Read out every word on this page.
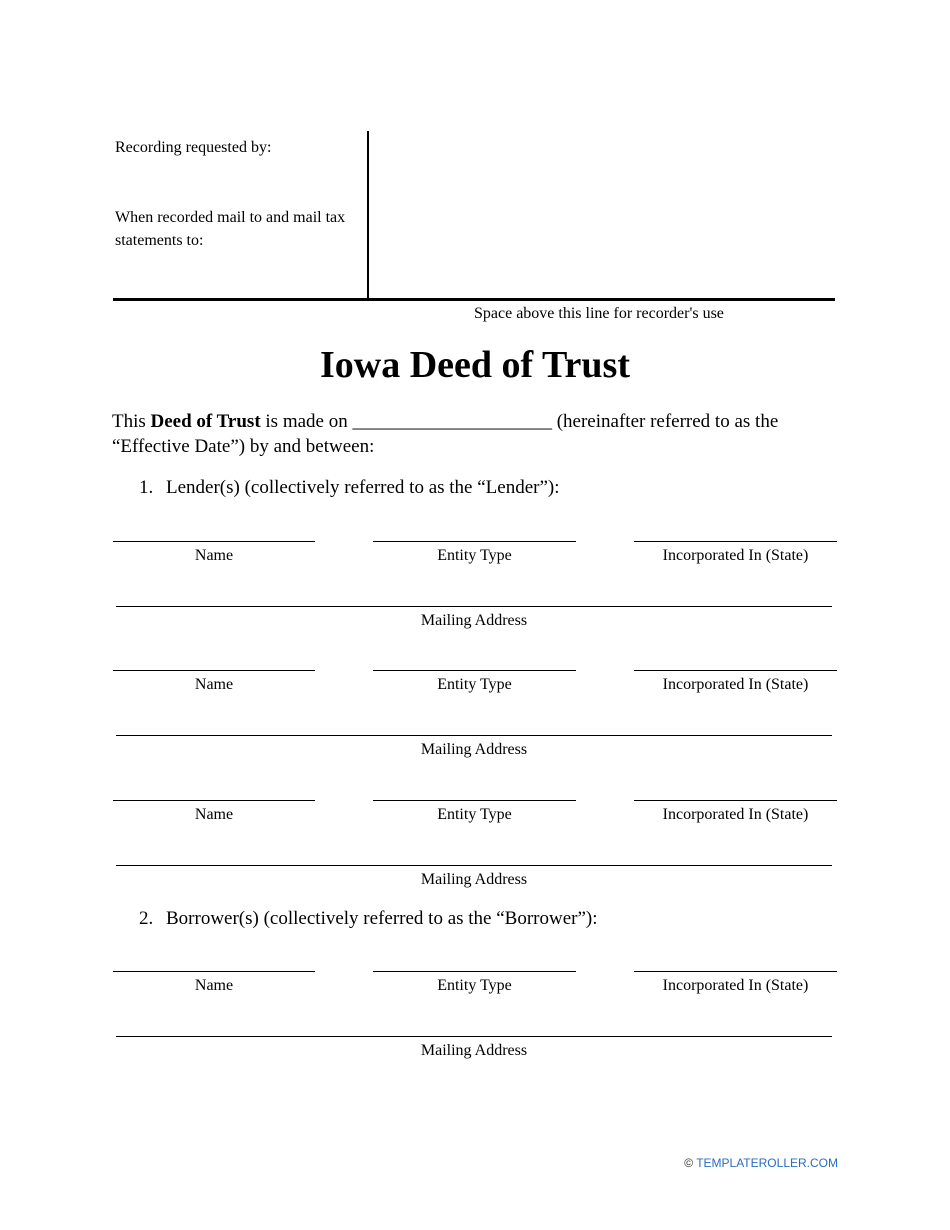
Recording requested by:
When recorded mail to and mail tax
statements to:
Space above this line for recorder's use
Iowa Deed of Trust
This Deed of Trust is made on _____________________ (hereinafter referred to as the
“Effective Date”) by and between:
1. Lender(s) (collectively referred to as the “Lender”):
Name	Entity Type	Incorporated In (State)
Mailing Address
Name	Entity Type	Incorporated In (State)
Mailing Address
Name	Entity Type	Incorporated In (State)
Mailing Address
2. Borrower(s) (collectively referred to as the “Borrower”):
Name	Entity Type	Incorporated In (State)
Mailing Address
© TEMPLATEROLLER.COM
